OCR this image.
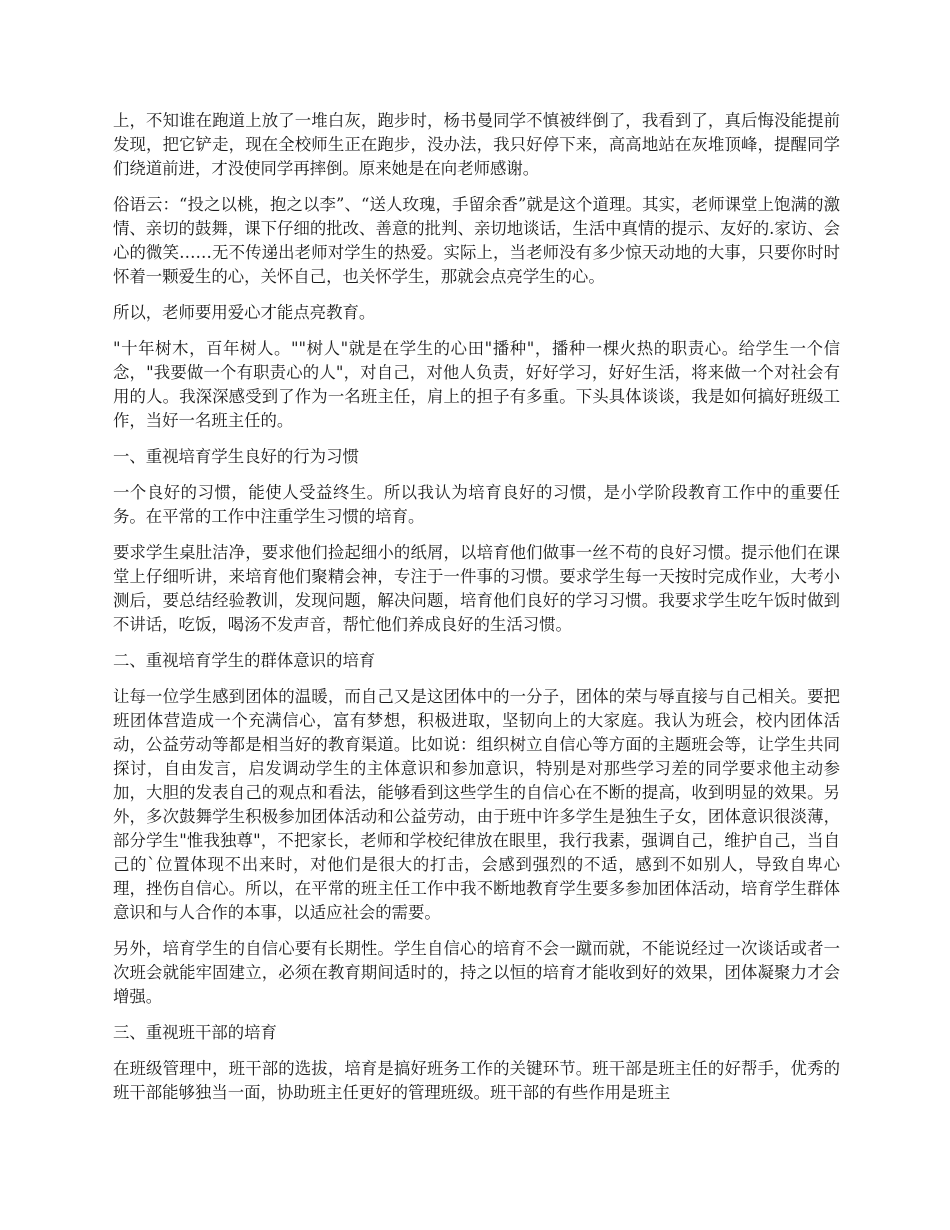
上，不知谁在跑道上放了一堆白灰，跑步时，杨书曼同学不慎被绊倒了，我看到了，真后悔没能提前发现，把它铲走，现在全校师生正在跑步，没办法，我只好停下来，高高地站在灰堆顶峰，提醒同学们绕道前进，才没使同学再摔倒。原来她是在向老师感谢。

俗语云：“投之以桃，抱之以李”、“送人玫瑰，手留余香”就是这个道理。其实，老师课堂上饱满的激情、亲切的鼓舞，课下仔细的批改、善意的批判、亲切地谈话，生活中真情的提示、友好的.家访、会心的微笑……无不传递出老师对学生的热爱。实际上，当老师没有多少惊天动地的大事，只要你时时怀着一颗爱生的心，关怀自己，也关怀学生，那就会点亮学生的心。

所以，老师要用爱心才能点亮教育。

"十年树木，百年树人。""树人"就是在学生的心田"播种"，播种一棵火热的职责心。给学生一个信念，"我要做一个有职责心的人"，对自己，对他人负责，好好学习，好好生活，将来做一个对社会有用的人。我深深感受到了作为一名班主任，肩上的担子有多重。下头具体谈谈，我是如何搞好班级工作，当好一名班主任的。

一、重视培育学生良好的行为习惯

一个良好的习惯，能使人受益终生。所以我认为培育良好的习惯，是小学阶段教育工作中的重要任务。在平常的工作中注重学生习惯的培育。

要求学生桌肚洁净，要求他们捡起细小的纸屑，以培育他们做事一丝不苟的良好习惯。提示他们在课堂上仔细听讲，来培育他们聚精会神，专注于一件事的习惯。要求学生每一天按时完成作业，大考小测后，要总结经验教训，发现问题，解决问题，培育他们良好的学习习惯。我要求学生吃午饭时做到不讲话，吃饭，喝汤不发声音，帮忙他们养成良好的生活习惯。

二、重视培育学生的群体意识的培育

让每一位学生感到团体的温暖，而自己又是这团体中的一分子，团体的荣与辱直接与自己相关。要把班团体营造成一个充满信心，富有梦想，积极进取，坚韧向上的大家庭。我认为班会，校内团体活动，公益劳动等都是相当好的教育渠道。比如说：组织树立自信心等方面的主题班会等，让学生共同探讨，自由发言，启发调动学生的主体意识和参加意识，特别是对那些学习差的同学要求他主动参加，大胆的发表自己的观点和看法，能够看到这些学生的自信心在不断的提高，收到明显的效果。另外，多次鼓舞学生积极参加团体活动和公益劳动，由于班中许多学生是独生子女，团体意识很淡薄，部分学生"惟我独尊"，不把家长，老师和学校纪律放在眼里，我行我素，强调自己，维护自己，当自己的`位置体现不出来时，对他们是很大的打击，会感到强烈的不适，感到不如别人，导致自卑心理，挫伤自信心。所以，在平常的班主任工作中我不断地教育学生要多参加团体活动，培育学生群体意识和与人合作的本事，以适应社会的需要。

另外，培育学生的自信心要有长期性。学生自信心的培育不会一蹴而就，不能说经过一次谈话或者一次班会就能牢固建立，必须在教育期间适时的，持之以恒的培育才能收到好的效果，团体凝聚力才会增强。

三、重视班干部的培育

在班级管理中，班干部的选拔，培育是搞好班务工作的关键环节。班干部是班主任的好帮手，优秀的班干部能够独当一面，协助班主任更好的管理班级。班干部的有些作用是班主
